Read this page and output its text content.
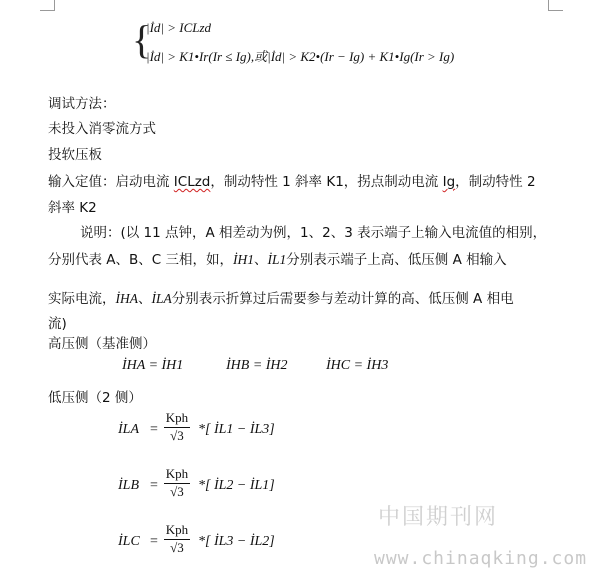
{
|İd| > ICLzd
|İd| > K1•Ir(Ir ≤ Ig),或|İd| > K2•(Ir − Ig) + K1•Ig(Ir > Ig)
调试方法：
未投入消零流方式
投软压板
输入定值：启动电流 ICLzd，制动特性 1 斜率 K1，拐点制动电流 Ig，制动特性 2
斜率 K2
说明：(以 11 点钟，A 相差动为例，1、2、3 表示端子上输入电流值的相别，
分别代表 A、B、C 三相，如，İH1、İL1分别表示端子上高、低压侧 A 相输入
实际电流，İHA、İLA分别表示折算过后需要参与差动计算的高、低压侧 A 相电
流)
高压侧（基准侧）
İHA = İH1	İHB = İH2	İHC = İH3
低压侧（2 侧）
İLA =
Kph
√3	*[ İL1 − İL3]
İLB =
Kph
√3	*[ İL2 − İL1]
İLC =
Kph
√3	*[ İL3 − İL2]
中国期刊网
www.chinaqking.com
